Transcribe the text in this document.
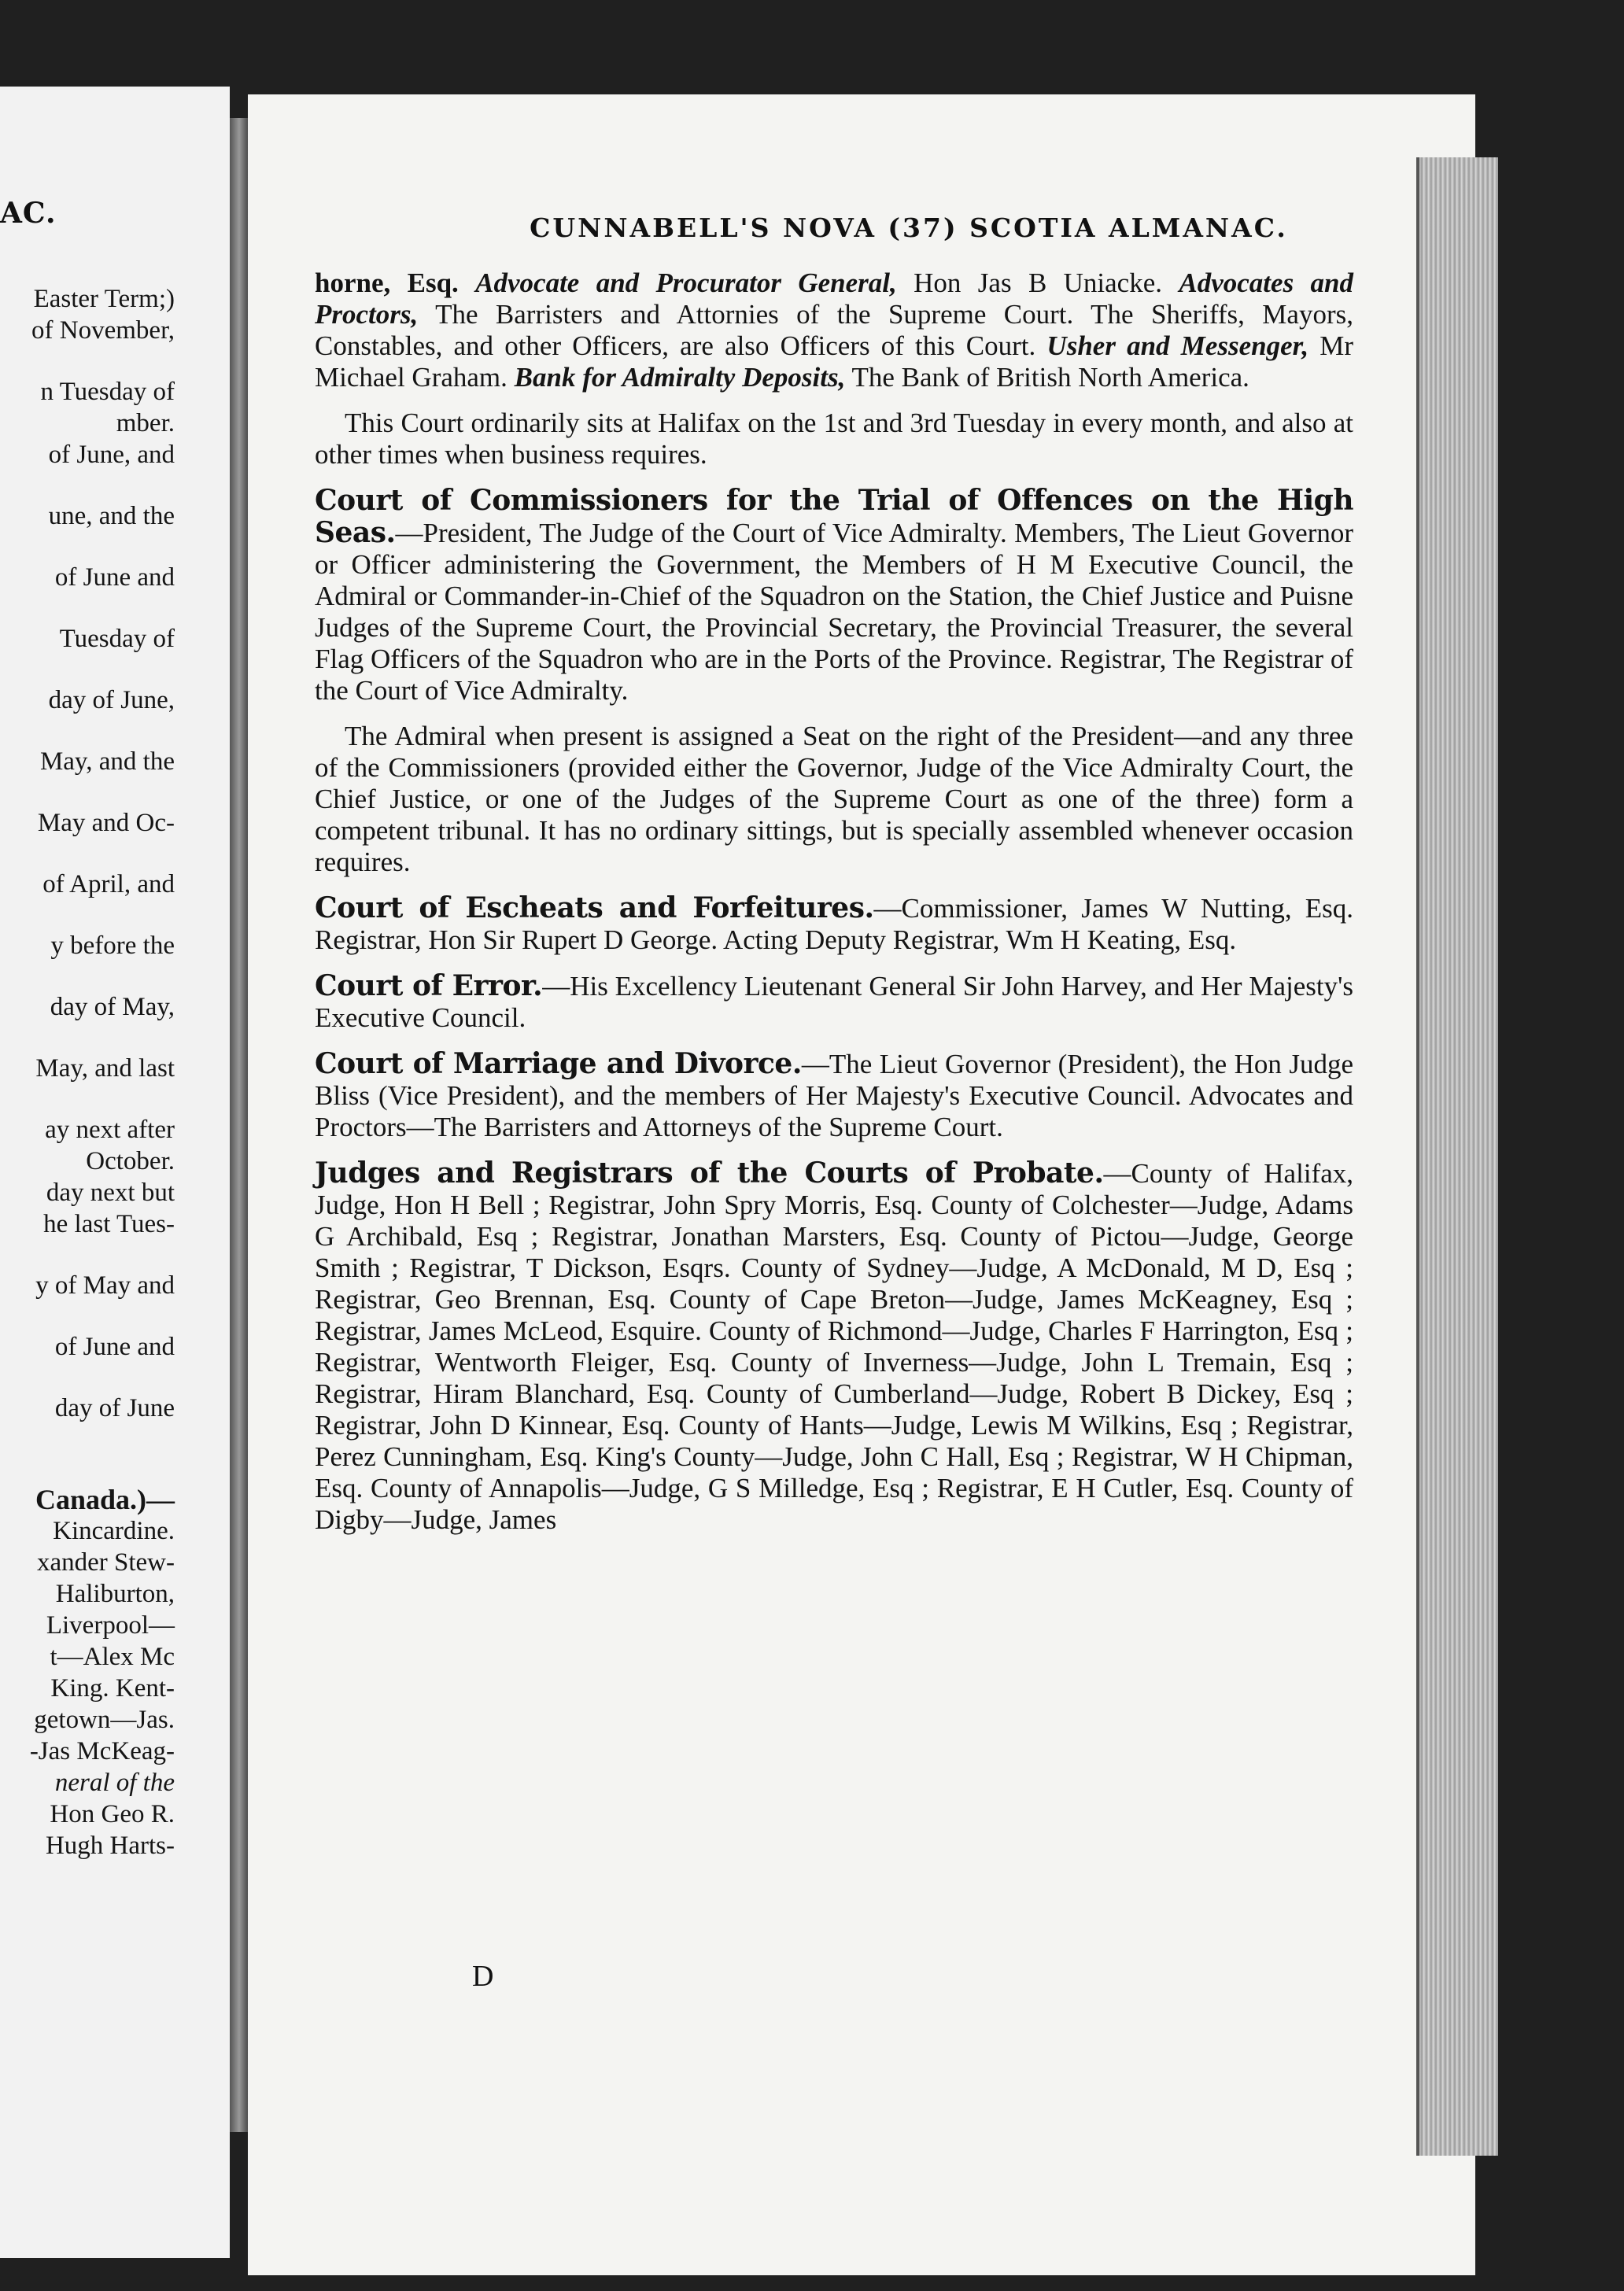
AC.
Easter Term;)
of November,
n Tuesday of
mber.
of June, and
une, and the
of June and
Tuesday of
day of June,
May, and the
May and Oc-
of April, and
y before the
day of May,
May, and last
ay next after
October.
day next but
he last Tues-
y of May and
of June and
day of June
Canada.)—
Kincardine.
xander Stew-
Haliburton,
Liverpool—
t—Alex Mc
King. Kent-
getown—Jas.
-Jas McKeag-
neral of the
Hon Geo R.
Hugh Harts-
CUNNABELL'S NOVA (37) SCOTIA ALMANAC.

horne, Esq. Advocate and Procurator General, Hon Jas B Uniacke. Advocates and Proctors, The Barristers and Attornies of the Supreme Court. The Sheriffs, Mayors, Constables, and other Officers, are also Officers of this Court. Usher and Messenger, Mr Michael Graham. Bank for Admiralty Deposits, The Bank of British North America.

This Court ordinarily sits at Halifax on the 1st and 3rd Tuesday in every month, and also at other times when business requires.

Court of Commissioners for the Trial of Offences on the High Seas.—President, The Judge of the Court of Vice Admiralty. Members, The Lieut Governor or Officer administering the Government, the Members of H M Executive Council, the Admiral or Commander-in-Chief of the Squadron on the Station, the Chief Justice and Puisne Judges of the Supreme Court, the Provincial Secretary, the Provincial Treasurer, the several Flag Officers of the Squadron who are in the Ports of the Province. Registrar, The Registrar of the Court of Vice Admiralty.

The Admiral when present is assigned a Seat on the right of the President—and any three of the Commissioners (provided either the Governor, Judge of the Vice Admiralty Court, the Chief Justice, or one of the Judges of the Supreme Court as one of the three) form a competent tribunal. It has no ordinary sittings, but is specially assembled whenever occasion requires.

Court of Escheats and Forfeitures.—Commissioner, James W Nutting, Esq. Registrar, Hon Sir Rupert D George. Acting Deputy Registrar, Wm H Keating, Esq.

Court of Error.—His Excellency Lieutenant General Sir John Harvey, and Her Majesty's Executive Council.

Court of Marriage and Divorce.—The Lieut Governor (President), the Hon Judge Bliss (Vice President), and the members of Her Majesty's Executive Council. Advocates and Proctors—The Barristers and Attorneys of the Supreme Court.

Judges and Registrars of the Courts of Probate.—County of Halifax, Judge, Hon H Bell ; Registrar, John Spry Morris, Esq. County of Colchester—Judge, Adams G Archibald, Esq ; Registrar, Jonathan Marsters, Esq. County of Pictou—Judge, George Smith ; Registrar, T Dickson, Esqrs. County of Sydney—Judge, A McDonald, M D, Esq ; Registrar, Geo Brennan, Esq. County of Cape Breton—Judge, James McKeagney, Esq ; Registrar, James McLeod, Esquire. County of Richmond—Judge, Charles F Harrington, Esq ; Registrar, Wentworth Fleiger, Esq. County of Inverness—Judge, John L Tremain, Esq ; Registrar, Hiram Blanchard, Esq. County of Cumberland—Judge, Robert B Dickey, Esq ; Registrar, John D Kinnear, Esq. County of Hants—Judge, Lewis M Wilkins, Esq ; Registrar, Perez Cunningham, Esq. King's County—Judge, John C Hall, Esq ; Registrar, W H Chipman, Esq. County of Annapolis—Judge, G S Milledge, Esq ; Registrar, E H Cutler, Esq. County of Digby—Judge, James

D
